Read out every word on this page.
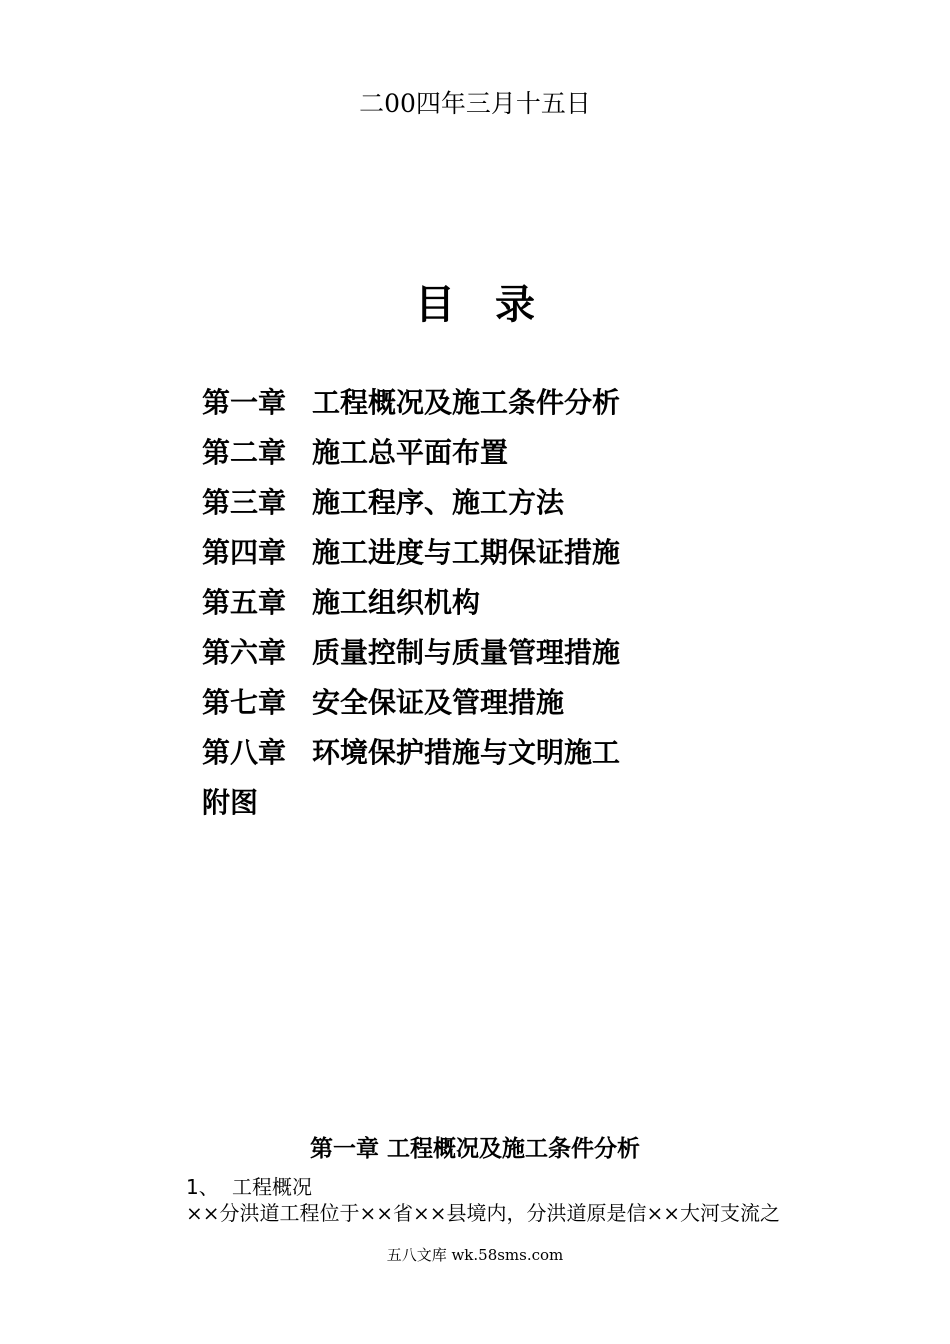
二00四年三月十五日
目 录
第一章 工程概况及施工条件分析
第二章 施工总平面布置
第三章 施工程序、施工方法
第四章 施工进度与工期保证措施
第五章 施工组织机构
第六章 质量控制与质量管理措施
第七章 安全保证及管理措施
第八章 环境保护措施与文明施工
附图
第一章 工程概况及施工条件分析
1、 工程概况
××分洪道工程位于××省××县境内，分洪道原是信××大河支流之
五八文库 wk.58sms.com
